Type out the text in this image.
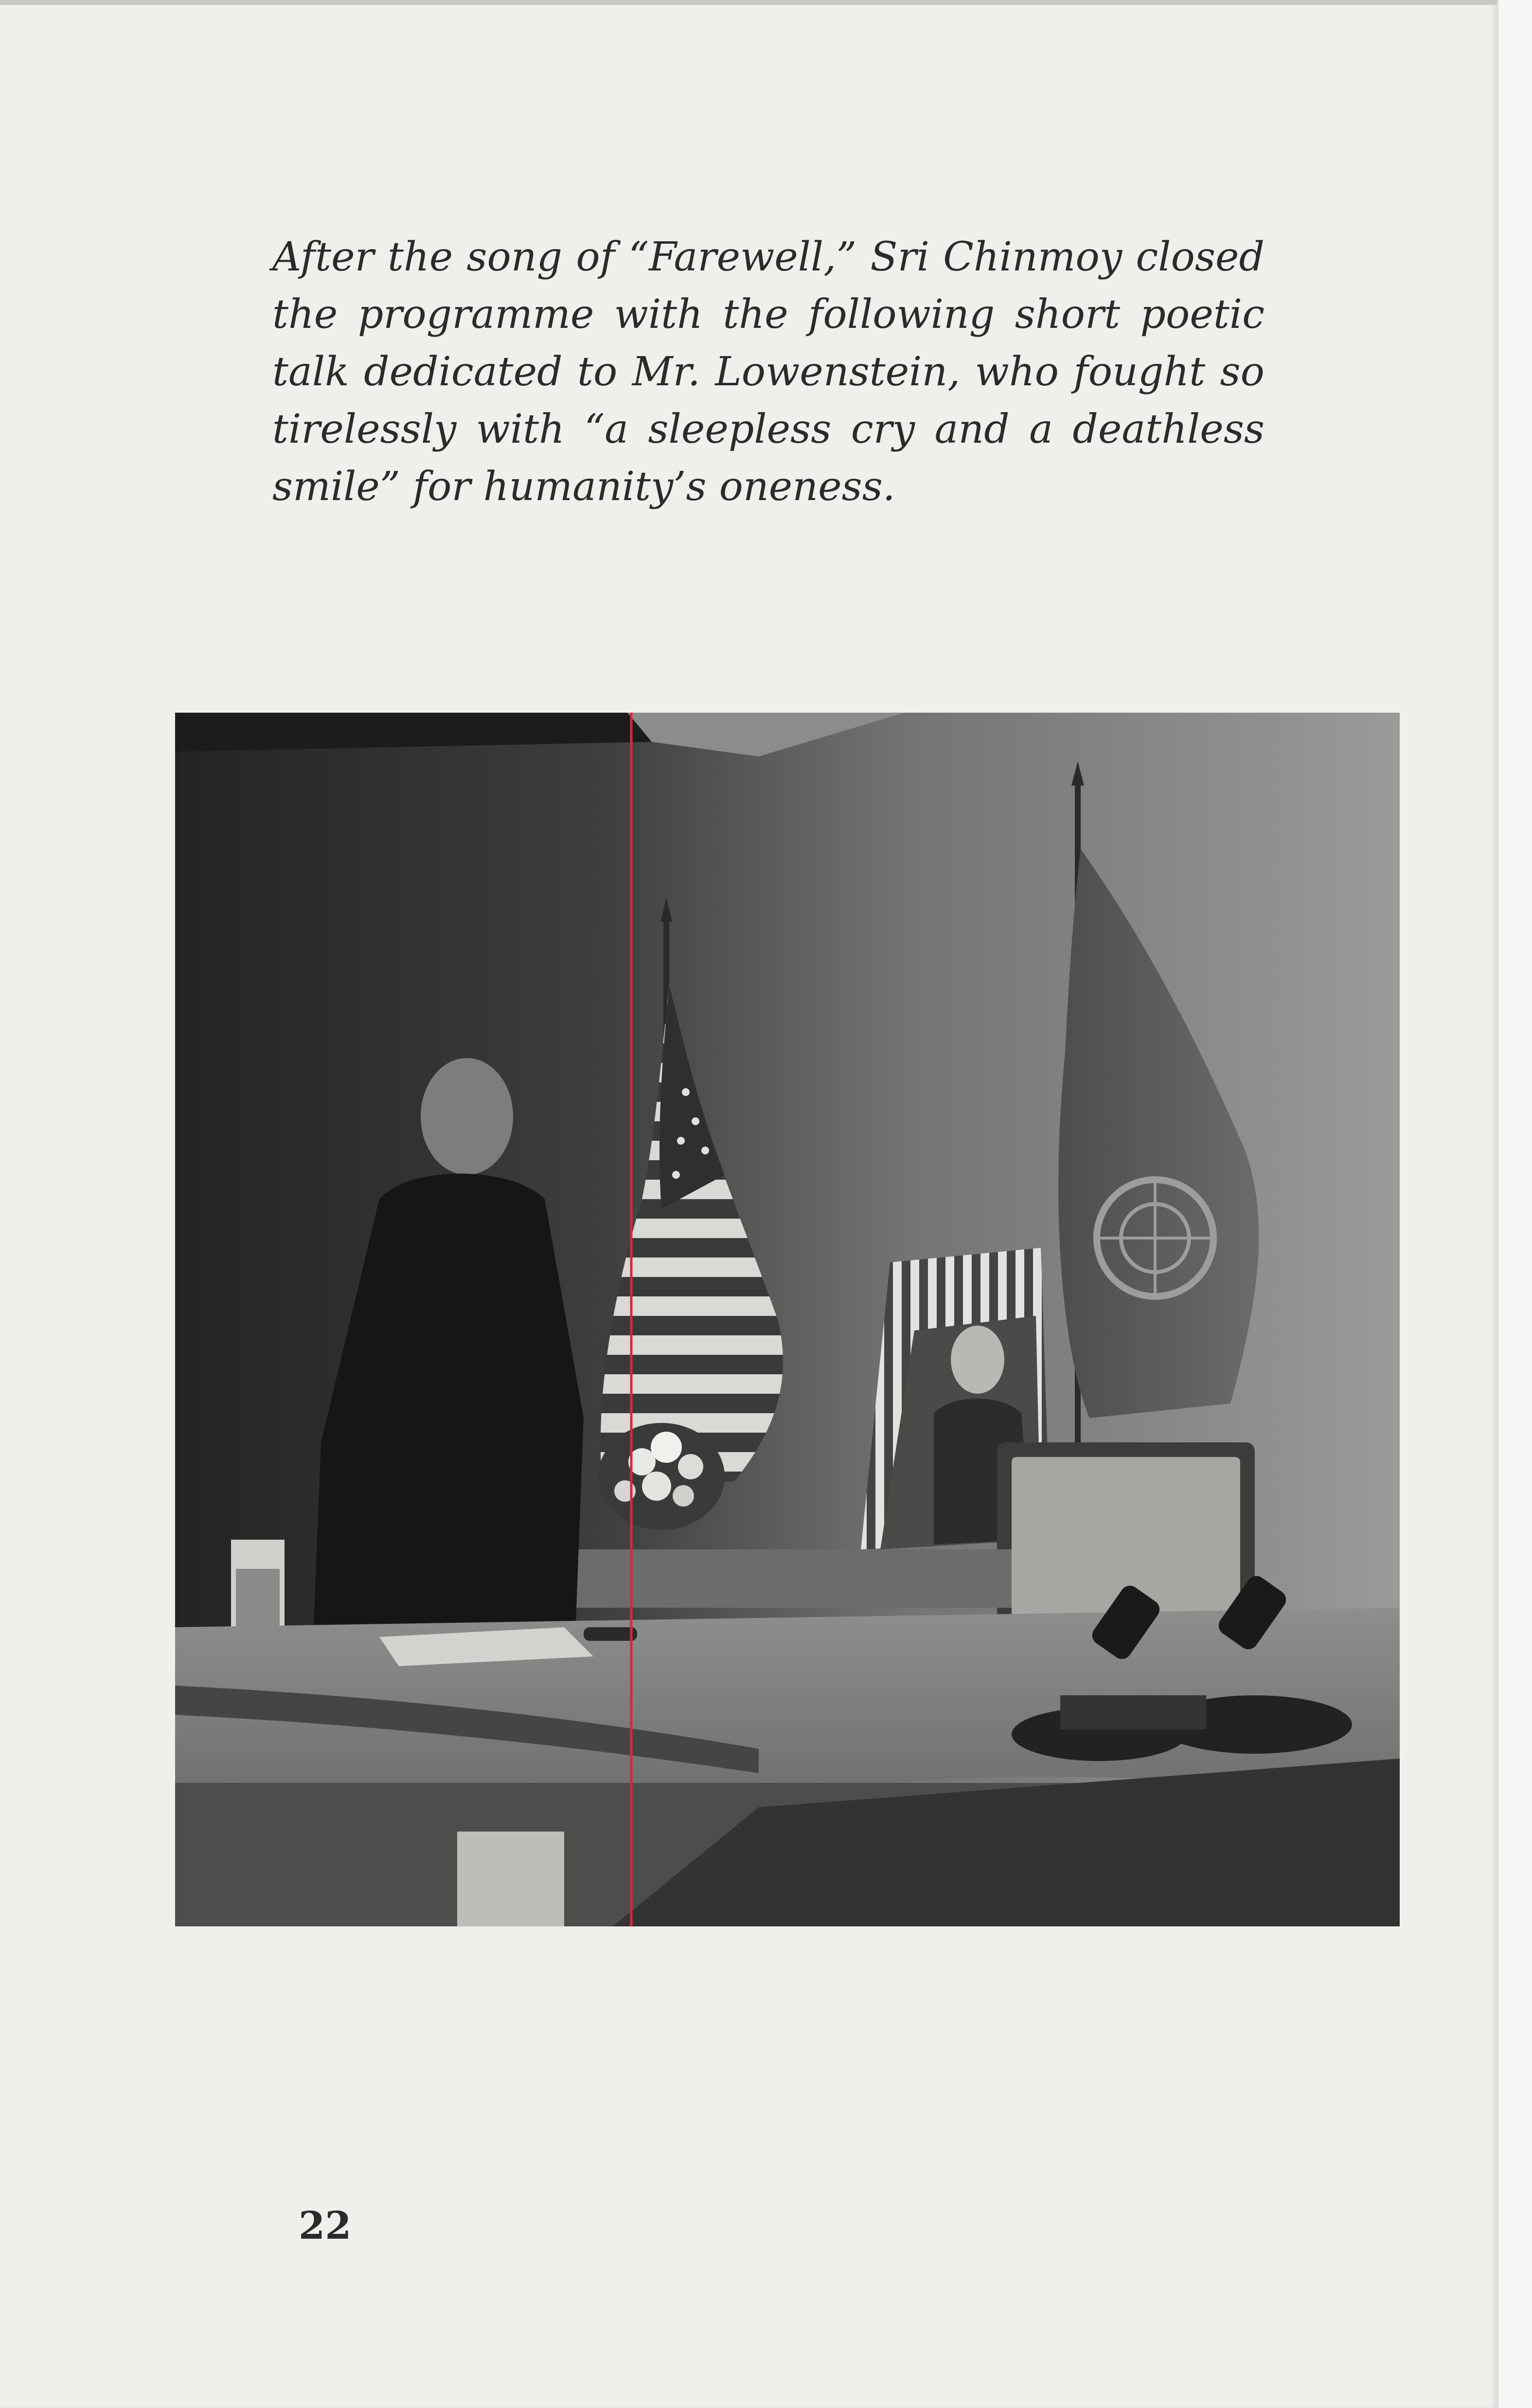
After the song of “Farewell,” Sri Chinmoy closed the programme with the following short poetic talk dedicated to Mr. Lowenstein, who fought so tirelessly with “a sleepless cry and a deathless smile” for humanity’s oneness.

22
